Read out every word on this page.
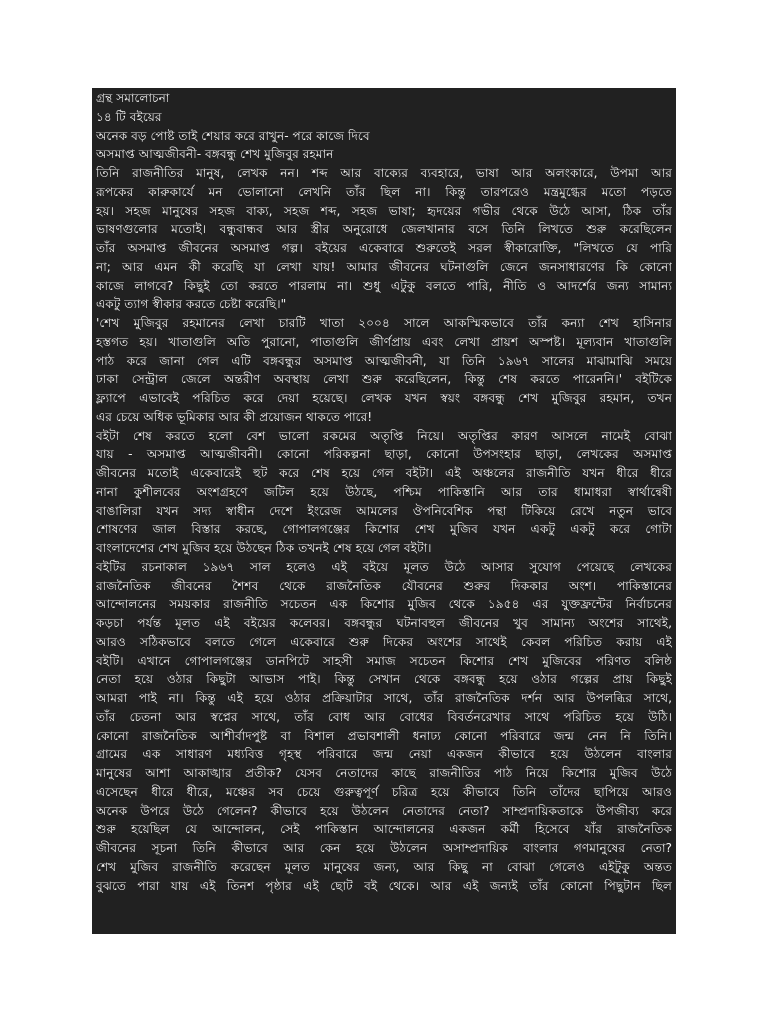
গ্রন্থ সমালোচনা
১৪ টি বইয়ের
অনেক বড় পোষ্ট তাই শেয়ার করে রাখুন- পরে কাজে দিবে
অসমাপ্ত আত্মজীবনী- বঙ্গবন্ধু শেখ মুজিবুর রহমান
তিনি রাজনীতির মানুষ, লেখক নন। শব্দ আর বাক্যের ব্যবহারে, ভাষা আর অলংকারে, উপমা আর
রূপকের কারুকার্যে মন ভোলানো লেখনি তাঁর ছিল না। কিন্তু তারপরেও মন্ত্রমুগ্ধের মতো পড়তে
হয়। সহজ মানুষের সহজ বাক্য, সহজ শব্দ, সহজ ভাষা; হৃদয়ের গভীর থেকে উঠে আসা, ঠিক তাঁর
ভাষণগুলোর মতোই। বন্ধুবান্ধব আর স্ত্রীর অনুরোধে জেলখানার বসে তিনি লিখতে শুরু করেছিলেন
তাঁর অসমাপ্ত জীবনের অসমাপ্ত গল্প। বইয়ের একেবারে শুরুতেই সরল স্বীকারোক্তি, "লিখতে যে পারি
না; আর এমন কী করেছি যা লেখা যায়! আমার জীবনের ঘটনাগুলি জেনে জনসাধারণের কি কোনো
কাজে লাগবে? কিছুই তো করতে পারলাম না। শুধু এটুকু বলতে পারি, নীতি ও আদর্শের জন্য সামান্য
একটু ত্যাগ স্বীকার করতে চেষ্টা করেছি।"
'শেখ মুজিবুর রহমানের লেখা চারটি খাতা ২০০৪ সালে আকস্মিকভাবে তাঁর কন্যা শেখ হাসিনার
হস্তগত হয়। খাতাগুলি অতি পুরানো, পাতাগুলি জীর্ণপ্রায় এবং লেখা প্রায়শ অস্পষ্ট। মূল্যবান খাতাগুলি
পাঠ করে জানা গেল এটি বঙ্গবন্ধুর অসমাপ্ত আত্মজীবনী, যা তিনি ১৯৬৭ সালের মাঝামাঝি সময়ে
ঢাকা সেন্ট্রাল জেলে অন্তরীণ অবস্থায় লেখা শুরু করেছিলেন, কিন্তু শেষ করতে পারেননি।' বইটিকে
ফ্ল্যাপে এভাবেই পরিচিত করে দেয়া হয়েছে। লেখক যখন স্বয়ং বঙ্গবন্ধু শেখ মুজিবুর রহমান, তখন
এর চেয়ে অধিক ভূমিকার আর কী প্রয়োজন থাকতে পারে!
বইটা শেষ করতে হলো বেশ ভালো রকমের অতৃপ্তি নিয়ে। অতৃপ্তির কারণ আসলে নামেই বোঝা
যায় - অসমাপ্ত আত্মজীবনী। কোনো পরিকল্পনা ছাড়া, কোনো উপসংহার ছাড়া, লেখকের অসমাপ্ত
জীবনের মতোই একেবারেই হুট করে শেষ হয়ে গেল বইটা। এই অঞ্চলের রাজনীতি যখন ধীরে ধীরে
নানা কুশীলবের অংশগ্রহণে জটিল হয়ে উঠছে, পশ্চিম পাকিস্তানি আর তার ধামাধরা স্বার্থান্বেষী
বাঙালিরা যখন সদ্য স্বাধীন দেশে ইংরেজ আমলের ঔপনিবেশিক পন্থা টিকিয়ে রেখে নতুন ভাবে
শোষণের জাল বিস্তার করছে, গোপালগঞ্জের কিশোর শেখ মুজিব যখন একটু একটু করে গোটা
বাংলাদেশের শেখ মুজিব হয়ে উঠছেন ঠিক তখনই শেষ হয়ে গেল বইটা।
বইটির রচনাকাল ১৯৬৭ সাল হলেও এই বইয়ে মূলত উঠে আসার সুযোগ পেয়েছে লেখকের
রাজনৈতিক জীবনের শৈশব থেকে রাজনৈতিক যৌবনের শুরুর দিককার অংশ। পাকিস্তানের
আন্দোলনের সময়কার রাজনীতি সচেতন এক কিশোর মুজিব থেকে ১৯৫৪ এর যুক্তফ্রন্টের নির্বাচনের
কড়চা পর্যন্ত মূলত এই বইয়ের কলেবর। বঙ্গবন্ধুর ঘটনাবহুল জীবনের খুব সামান্য অংশের সাথেই,
আরও সঠিকভাবে বলতে গেলে একেবারে শুরু দিকের অংশের সাথেই কেবল পরিচিত করায় এই
বইটি। এখানে গোপালগঞ্জের ডানপিটে সাহসী সমাজ সচেতন কিশোর শেখ মুজিবের পরিণত বলিষ্ঠ
নেতা হয়ে ওঠার কিছুটা আভাস পাই। কিন্তু সেখান থেকে বঙ্গবন্ধু হয়ে ওঠার গল্পের প্রায় কিছুই
আমরা পাই না। কিন্তু এই হয়ে ওঠার প্রক্রিয়াটার সাথে, তাঁর রাজনৈতিক দর্শন আর উপলব্ধির সাথে,
তাঁর চেতনা আর স্বপ্নের সাথে, তাঁর বোধ আর বোধের বিবর্তনরেখার সাথে পরিচিত হয়ে উঠি।
কোনো রাজনৈতিক আশীর্বাদপুষ্ট বা বিশাল প্রভাবশালী ধনাঢ্য কোনো পরিবারে জন্ম নেন নি তিনি।
গ্রামের এক সাধারণ মধ্যবিত্ত গৃহস্থ পরিবারে জন্ম নেয়া একজন কীভাবে হয়ে উঠলেন বাংলার
মানুষের আশা আকাঙ্খার প্রতীক? যেসব নেতাদের কাছে রাজনীতির পাঠ নিয়ে কিশোর মুজিব উঠে
এসেছেন ধীরে ধীরে, মঞ্চের সব চেয়ে গুরুত্বপূর্ণ চরিত্র হয়ে কীভাবে তিনি তাঁদের ছাপিয়ে আরও
অনেক উপরে উঠে গেলেন? কীভাবে হয়ে উঠলেন নেতাদের নেতা? সাম্প্রদায়িকতাকে উপজীব্য করে
শুরু হয়েছিল যে আন্দোলন, সেই পাকিস্তান আন্দোলনের একজন কর্মী হিসেবে যাঁর রাজনৈতিক
জীবনের সূচনা তিনি কীভাবে আর কেন হয়ে উঠলেন অসাম্প্রদায়িক বাংলার গণমানুষের নেতা?
শেখ মুজিব রাজনীতি করেছেন মূলত মানুষের জন্য, আর কিছু না বোঝা গেলেও এইটুকু অন্তত
বুঝতে পারা যায় এই তিনশ পৃষ্ঠার এই ছোট বই থেকে। আর এই জন্যই তাঁর কোনো পিছুটান ছিল
